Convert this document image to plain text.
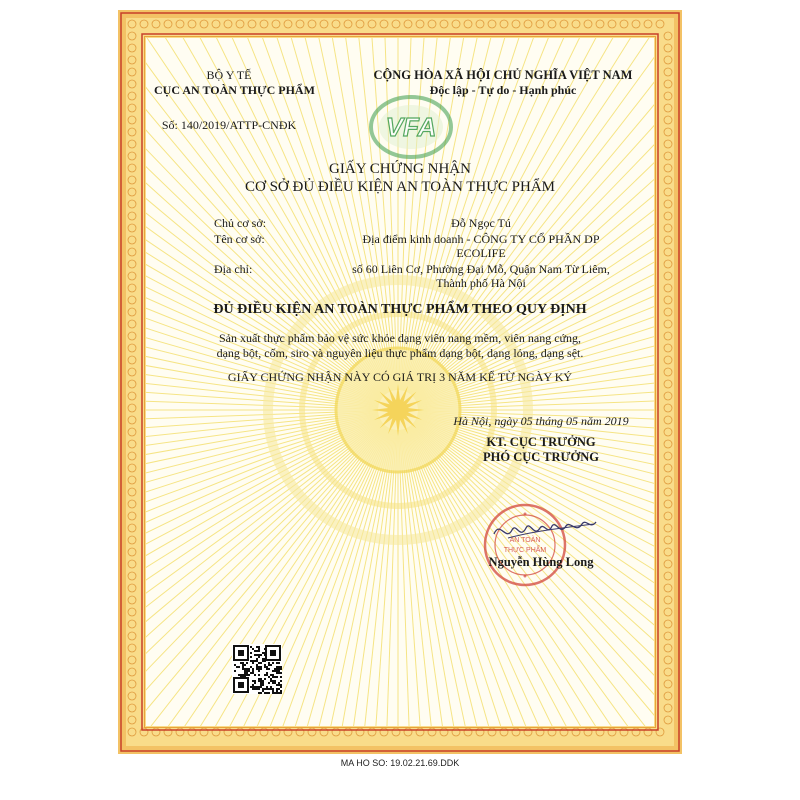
VFA
BỘ Y TẾ
CỤC AN TOÀN THỰC PHẨM
Số: 140/2019/ATTP-CNĐK
CỘNG HÒA XÃ HỘI CHỦ NGHĨA VIỆT NAM
Độc lập - Tự do - Hạnh phúc
GIẤY CHỨNG NHẬN
CƠ SỞ ĐỦ ĐIỀU KIỆN AN TOÀN THỰC PHẨM
Chủ cơ sở:	Đỗ Ngọc Tú
Tên cơ sở:	Địa điểm kinh doanh - CÔNG TY CỔ PHẦN DP
ECOLIFE
Địa chỉ:	số 60 Liên Cơ, Phường Đại Mỗ, Quận Nam Từ Liêm,
Thành phố Hà Nội
ĐỦ ĐIỀU KIỆN AN TOÀN THỰC PHẨM THEO QUY ĐỊNH
Sản xuất thực phẩm bảo vệ sức khỏe dạng viên nang mềm, viên nang cứng,
dạng bột, cốm, siro và nguyên liệu thực phẩm dạng bột, dạng lỏng, dạng sệt.
GIẤY CHỨNG NHẬN NÀY CÓ GIÁ TRỊ 3 NĂM KỂ TỪ NGÀY KÝ
Hà Nội, ngày 05 tháng 05 năm 2019
KT. CỤC TRƯỞNG
PHÓ CỤC TRƯỞNG
AN TOÀN
THỰC PHẨM
Nguyễn Hùng Long
MA HO SO: 19.02.21.69.DDK
